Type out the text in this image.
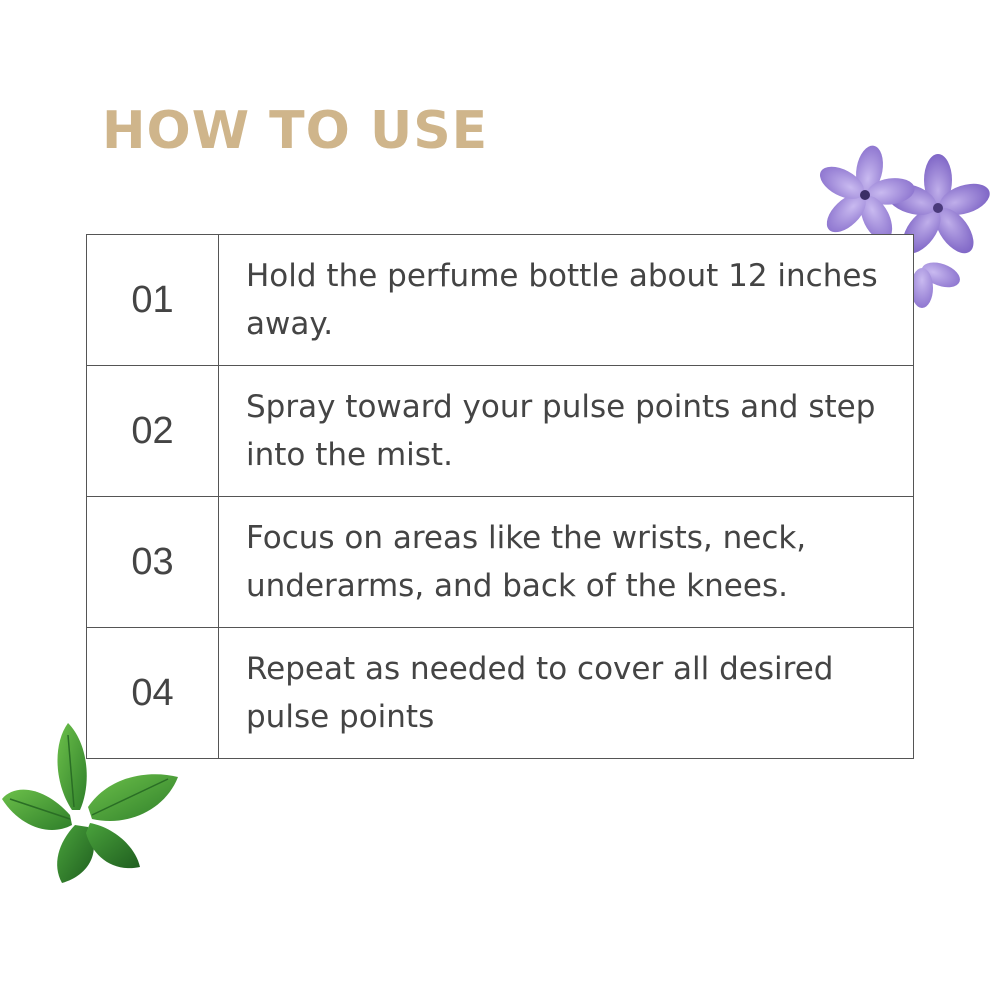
HOW TO USE
01	Hold the perfume bottle about 12 inches away.
02	Spray toward your pulse points and step into the mist.
03	Focus on areas like the wrists, neck, underarms, and back of the knees.
04	Repeat as needed to cover all desired pulse points
